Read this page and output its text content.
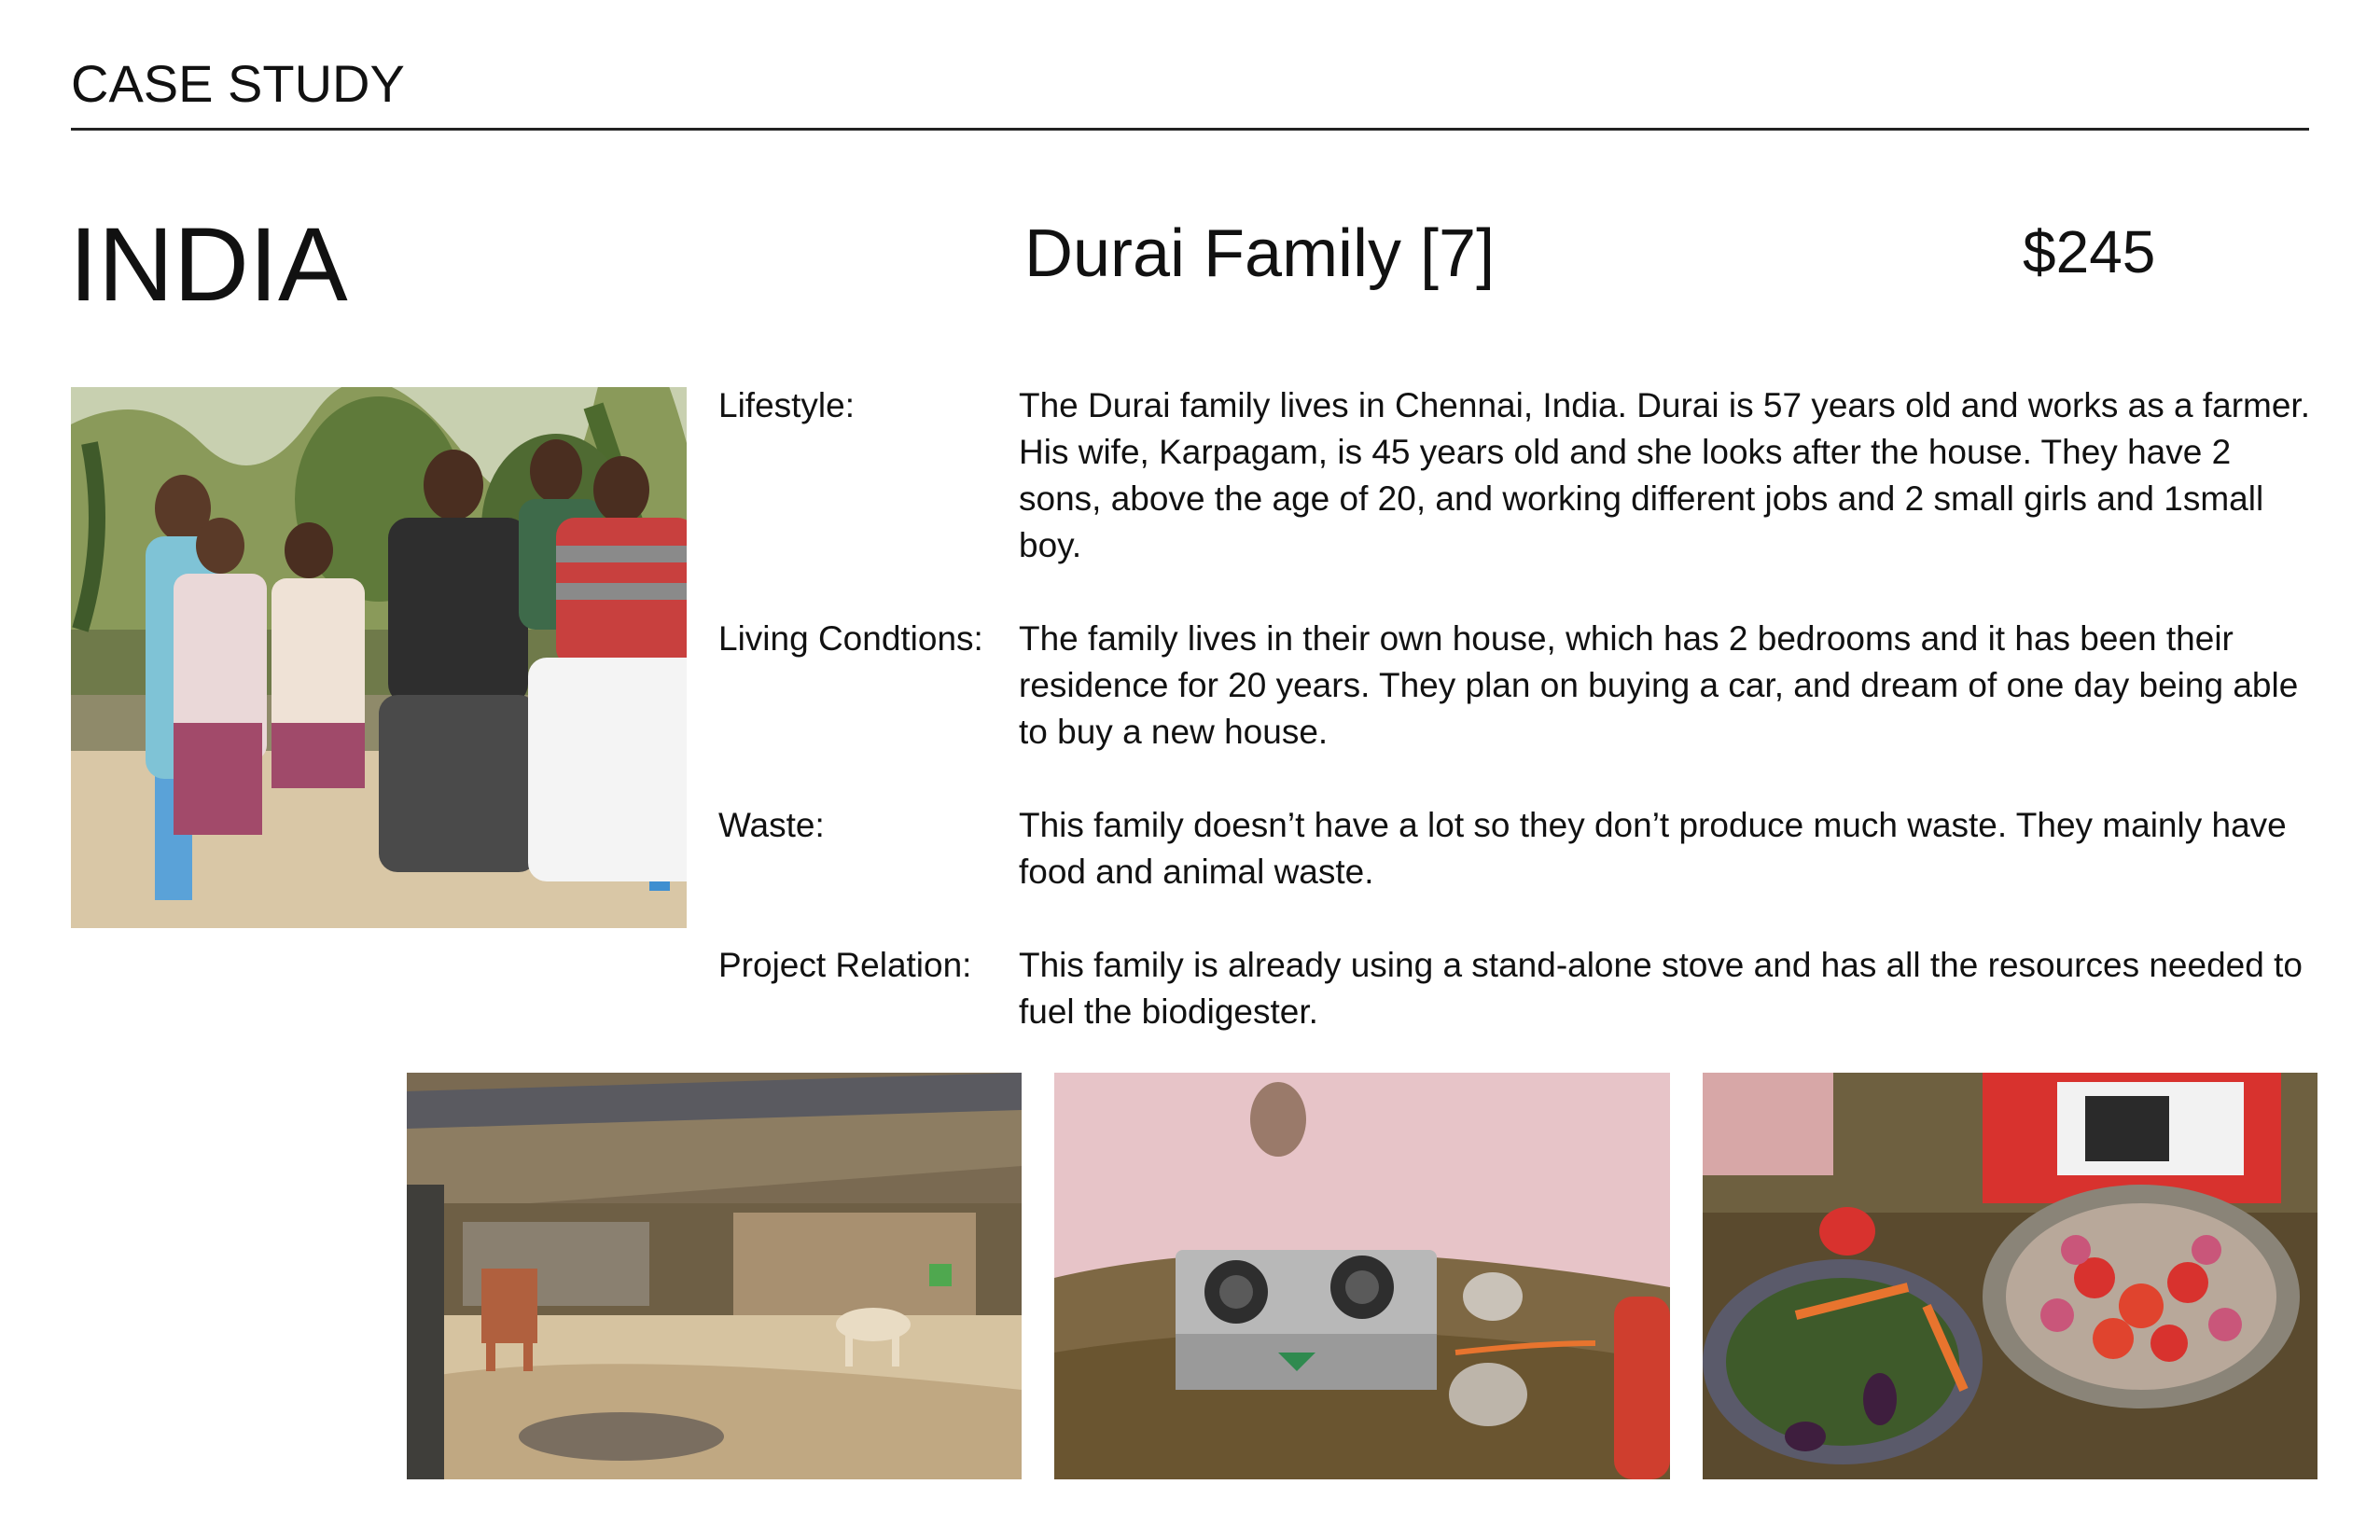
CASE STUDY
INDIA	Durai Family [7]	$245
Lifestyle:	The Durai family lives in Chennai, India. Durai is 57 years old and works as a farmer. His wife, Karpagam, is 45 years old and she looks after the house. They have 2 sons, above the age of 20, and working different jobs and 2 small girls and 1small boy.
Living Condtions:	The family lives in their own house, which has 2 bedrooms and it has been their residence for 20 years. They plan on buying a car, and dream of one day being able to buy a new house.
Waste:	This family doesn’t have a lot so they don’t produce much waste. They mainly have food and animal waste.
Project Relation:	This family is already using a stand-alone stove and has all the resources needed to fuel the biodigester.
